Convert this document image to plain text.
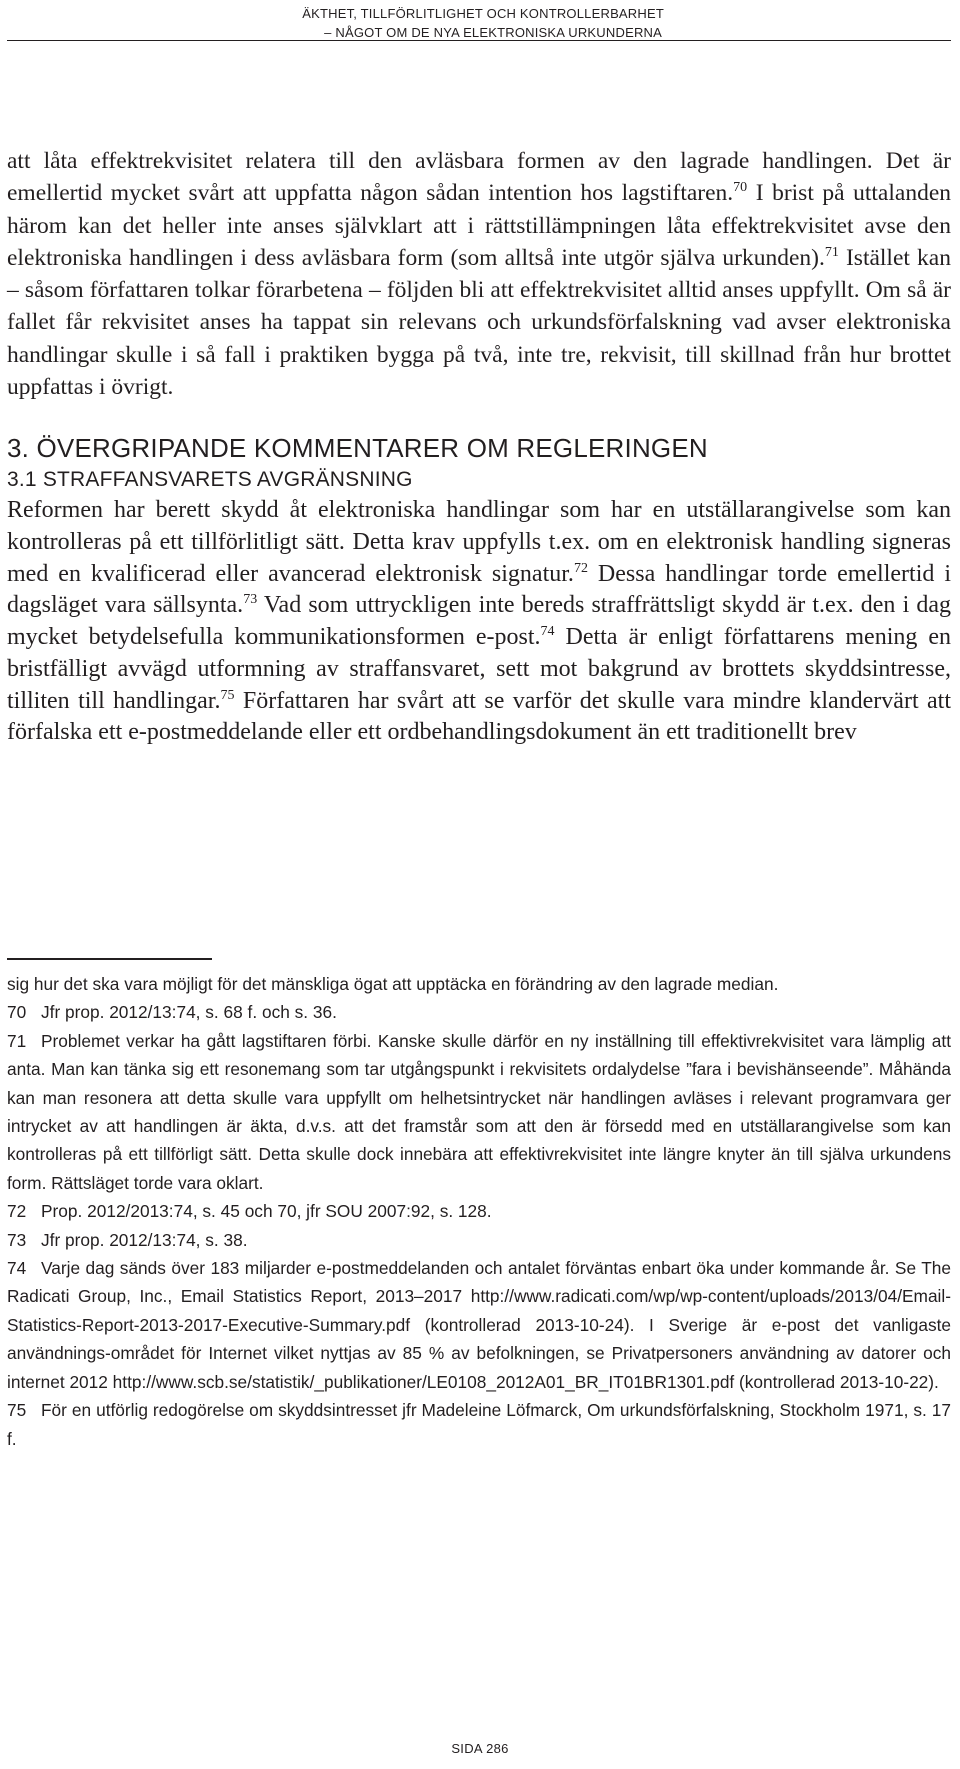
ÄKTHET, TILLFÖRLITLIGHET OCH KONTROLLERBARHET
– NÅGOT OM DE NYA ELEKTRONISKA URKUNDERNA

att låta effektrekvisitet relatera till den avläsbara formen av den lagrade handlingen. Det är emellertid mycket svårt att uppfatta någon sådan intention hos lagstiftaren.$^{70}$ I brist på uttalanden härom kan det heller inte anses självklart att i rättstillämpningen låta effektrekvisitet avse den elektroniska handlingen i dess avläsbara form (som alltså inte utgör själva urkunden).$^{71}$ Istället kan – såsom författaren tolkar förarbetena – följden bli att effektrekvisitet alltid anses uppfyllt. Om så är fallet får rekvisitet anses ha tappat sin relevans och urkundsförfalskning vad avser elektroniska handlingar skulle i så fall i praktiken bygga på två, inte tre, rekvisit, till skillnad från hur brottet uppfattas i övrigt.

3. ÖVERGRIPANDE KOMMENTARER OM REGLERINGEN
3.1 STRAFFANSVARETS AVGRÄNSNING

Reformen har berett skydd åt elektroniska handlingar som har en utställarangivelse som kan kontrolleras på ett tillförlitligt sätt. Detta krav uppfylls t.ex. om en elektronisk handling signeras med en kvalificerad eller avancerad elektronisk signatur.$^{72}$ Dessa handlingar torde emellertid i dagsläget vara sällsynta.$^{73}$ Vad som uttryckligen inte bereds straffrättsligt skydd är t.ex. den i dag mycket betydelsefulla kommunikationsformen e-post.$^{74}$ Detta är enligt författarens mening en bristfälligt avvägd utformning av straffansvaret, sett mot bakgrund av brottets skyddsintresse, tilliten till handlingar.$^{75}$ Författaren har svårt att se varför det skulle vara mindre klandervärt att förfalska ett e-postmeddelande eller ett ordbehandlingsdokument än ett traditionellt brev

sig hur det ska vara möjligt för det mänskliga ögat att upptäcka en förändring av den lagrade median.

70 Jfr prop. 2012/13:74, s. 68 f. och s. 36.

71 Problemet verkar ha gått lagstiftaren förbi. Kanske skulle därför en ny inställning till effektivrekvisitet vara lämplig att anta. Man kan tänka sig ett resonemang som tar utgångspunkt i rekvisitets ordalydelse ”fara i bevishänseende”. Måhända kan man resonera att detta skulle vara uppfyllt om helhetsintrycket när handlingen avläses i relevant programvara ger intrycket av att handlingen är äkta, d.v.s. att det framstår som att den är försedd med en utställarangivelse som kan kontrolleras på ett tillförligt sätt. Detta skulle dock innebära att effektivrekvisitet inte längre knyter än till själva urkundens form. Rättsläget torde vara oklart.

72 Prop. 2012/2013:74, s. 45 och 70, jfr SOU 2007:92, s. 128.

73 Jfr prop. 2012/13:74, s. 38.

74 Varje dag sänds över 183 miljarder e-postmeddelanden och antalet förväntas enbart öka under kommande år. Se The Radicati Group, Inc., Email Statistics Report, 2013–2017 http://www.radicati.com/wp/wp-content/uploads/2013/04/Email-Statistics-Report-2013-2017-Executive-Summary.pdf (kontrollerad 2013-10-24). I Sverige är e-post det vanligaste användnings-området för Internet vilket nyttjas av 85 % av befolkningen, se Privatpersoners användning av datorer och internet 2012 http://www.scb.se/statistik/_publikationer/LE0108_2012A01_BR_IT01BR1301.pdf (kontrollerad 2013-10-22).

75 För en utförlig redogörelse om skyddsintresset jfr Madeleine Löfmarck, Om urkundsförfalskning, Stockholm 1971, s. 17 f.

SIDA 286
